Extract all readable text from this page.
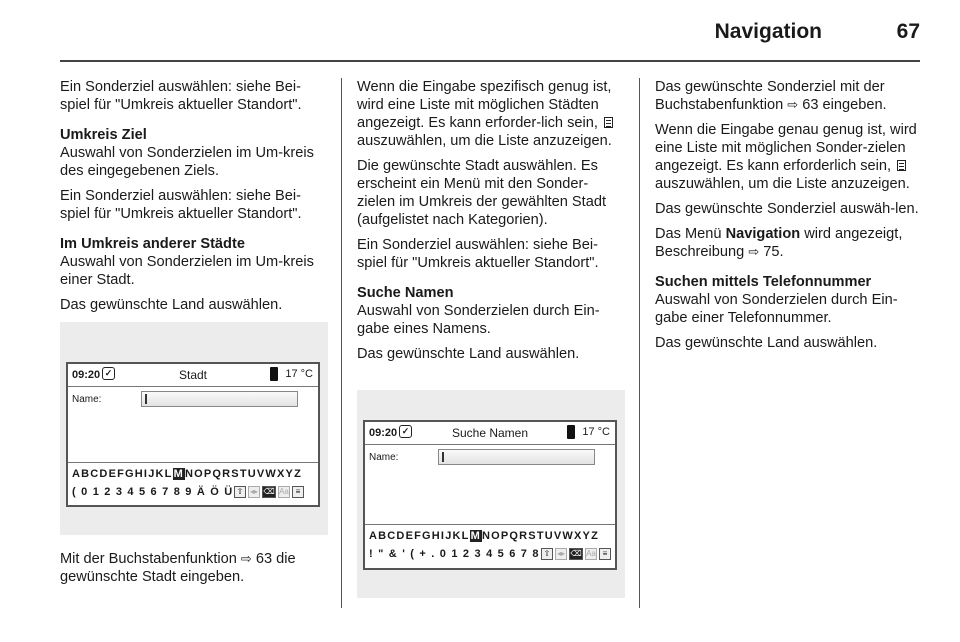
Navigation	67

Ein Sonderziel auswählen: siehe Bei-spiel für "Umkreis aktueller Standort".

Umkreis Ziel

Auswahl von Sonderzielen im Um-kreis des eingegebenen Ziels.

Ein Sonderziel auswählen: siehe Bei-spiel für "Umkreis aktueller Standort".

Im Umkreis anderer Städte

Auswahl von Sonderzielen im Um-kreis einer Stadt.

Das gewünschte Land auswählen.

Mit der Buchstabenfunktion ⇨ 63 die gewünschte Stadt eingeben.

09:20 ✓	Stadt	17 °C
Name:
ABCDEFGHIJKLMNOPQRSTUVWXYZ
( 0 1 2 3 4 5 6 7 8 9 Ä Ö Ü ⇧ ◂▸ ⌫ Aa ≡

Wenn die Eingabe spezifisch genug ist, wird eine Liste mit möglichen Städten angezeigt. Es kann erforder-lich sein,  auszuwählen, um die Liste anzuzeigen.

Die gewünschte Stadt auswählen. Es erscheint ein Menü mit den Sonder-zielen im Umkreis der gewählten Stadt (aufgelistet nach Kategorien).

Ein Sonderziel auswählen: siehe Bei-spiel für "Umkreis aktueller Standort".

Suche Namen

Auswahl von Sonderzielen durch Ein-gabe eines Namens.

Das gewünschte Land auswählen.

09:20 ✓	Suche Namen	17 °C
Name:
ABCDEFGHIJKLMNOPQRSTUVWXYZ
! " & ' ( + . 0 1 2 3 4 5 6 7 8 ⇧ ◂▸ ⌫ Aa ≡

Das gewünschte Sonderziel mit der Buchstabenfunktion ⇨ 63 eingeben.

Wenn die Eingabe genau genug ist, wird eine Liste mit möglichen Sonder-zielen angezeigt. Es kann erforderlich sein,  auszuwählen, um die Liste anzuzeigen.

Das gewünschte Sonderziel auswäh-len.

Das Menü Navigation wird angezeigt, Beschreibung ⇨ 75.

Suchen mittels Telefonnummer

Auswahl von Sonderzielen durch Ein-gabe einer Telefonnummer.

Das gewünschte Land auswählen.
